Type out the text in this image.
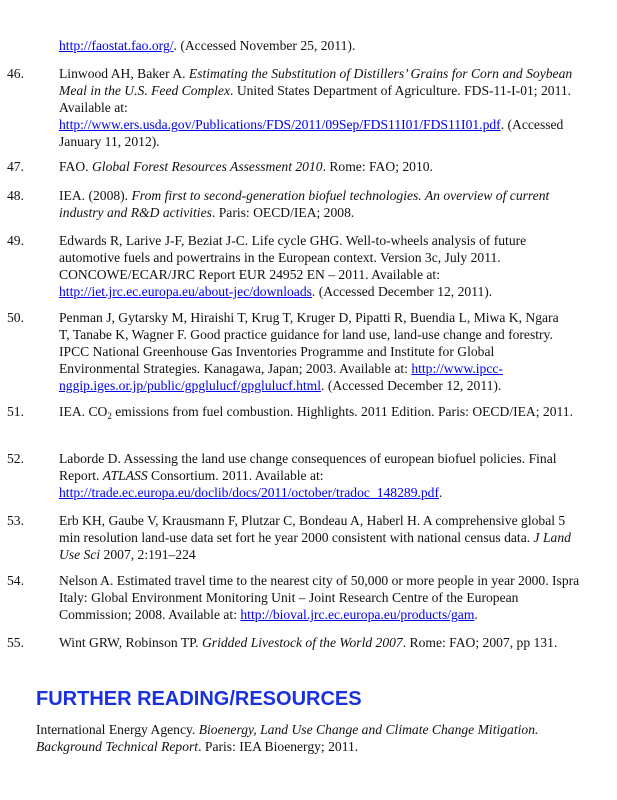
http://faostat.fao.org/. (Accessed November 25, 2011).
46.	Linwood AH, Baker A. Estimating the Substitution of Distillers’ Grains for Corn and Soybean Meal in the U.S. Feed Complex. United States Department of Agriculture. FDS-11-I-01; 2011. Available at:
http://www.ers.usda.gov/Publications/FDS/2011/09Sep/FDS11I01/FDS11I01.pdf. (Accessed January 11, 2012).
47.	FAO. Global Forest Resources Assessment 2010. Rome: FAO; 2010.
48.	IEA. (2008). From first to second-generation biofuel technologies. An overview of current industry and R&D activities. Paris: OECD/IEA; 2008.
49.	Edwards R, Larive J-F, Beziat J-C. Life cycle GHG. Well-to-wheels analysis of future automotive fuels and powertrains in the European context. Version 3c, July 2011. CONCOWE/ECAR/JRC Report EUR 24952 EN – 2011. Available at: http://iet.jrc.ec.europa.eu/about-jec/downloads. (Accessed December 12, 2011).
50.	Penman J, Gytarsky M, Hiraishi T, Krug T, Kruger D, Pipatti R, Buendia L, Miwa K, Ngara T, Tanabe K, Wagner F. Good practice guidance for land use, land-use change and forestry. IPCC National Greenhouse Gas Inventories Programme and Institute for Global Environmental Strategies. Kanagawa, Japan; 2003. Available at: http://www.ipcc-nggip.iges.or.jp/public/gpglulucf/gpglulucf.html. (Accessed December 12, 2011).
51.	IEA. $CO_2$ emissions from fuel combustion. Highlights. 2011 Edition. Paris: OECD/IEA; 2011.
52.	Laborde D. Assessing the land use change consequences of european biofuel policies. Final Report. ATLASS Consortium. 2011. Available at: http://trade.ec.europa.eu/doclib/docs/2011/october/tradoc_148289.pdf.
53.	Erb KH, Gaube V, Krausmann F, Plutzar C, Bondeau A, Haberl H. A comprehensive global 5 min resolution land-use data set fort he year 2000 consistent with national census data. J Land Use Sci 2007, 2:191–224
54.	Nelson A. Estimated travel time to the nearest city of 50,000 or more people in year 2000. Ispra Italy: Global Environment Monitoring Unit – Joint Research Centre of the European Commission; 2008. Available at: http://bioval.jrc.ec.europa.eu/products/gam.
55.	Wint GRW, Robinson TP. Gridded Livestock of the World 2007. Rome: FAO; 2007, pp 131.
FURTHER READING/RESOURCES
International Energy Agency. Bioenergy, Land Use Change and Climate Change Mitigation. Background Technical Report. Paris: IEA Bioenergy; 2011.
